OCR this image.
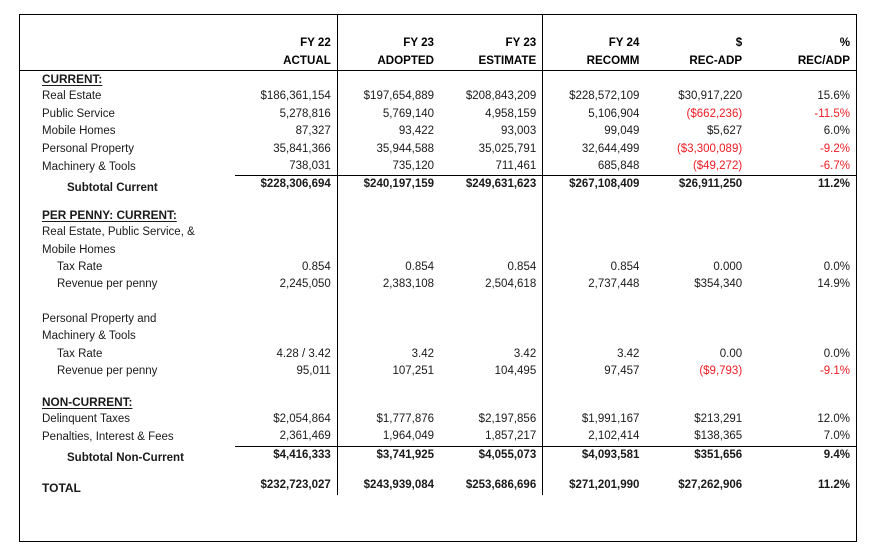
	FY 22	FY 23	FY 23	FY 24	$	%
	ACTUAL	ADOPTED	ESTIMATE	RECOMM	REC-ADP	REC/ADP

CURRENT:						
Real Estate	$186,361,154	$197,654,889	$208,843,209	$228,572,109	$30,917,220	15.6%
Public Service	5,278,816	5,769,140	4,958,159	5,106,904	($662,236)	-11.5%
Mobile Homes	87,327	93,422	93,003	99,049	$5,627	6.0%
Personal Property	35,841,366	35,944,588	35,025,791	32,644,499	($3,300,089)	-9.2%
Machinery & Tools	738,031	735,120	711,461	685,848	($49,272)	-6.7%
Subtotal Current	$228,306,694	$240,197,159	$249,631,623	$267,108,409	$26,911,250	11.2%

PER PENNY: CURRENT:						
Real Estate, Public Service, &						
Mobile Homes						
Tax Rate	0.854	0.854	0.854	0.854	0.000	0.0%
Revenue per penny	2,245,050	2,383,108	2,504,618	2,737,448	$354,340	14.9%

Personal Property and						
Machinery & Tools						
Tax Rate	4.28 / 3.42	3.42	3.42	3.42	0.00	0.0%
Revenue per penny	95,011	107,251	104,495	97,457	($9,793)	-9.1%

NON-CURRENT:						
Delinquent Taxes	$2,054,864	$1,777,876	$2,197,856	$1,991,167	$213,291	12.0%
Penalties, Interest & Fees	2,361,469	1,964,049	1,857,217	2,102,414	$138,365	7.0%
Subtotal Non-Current	$4,416,333	$3,741,925	$4,055,073	$4,093,581	$351,656	9.4%

TOTAL	$232,723,027	$243,939,084	$253,686,696	$271,201,990	$27,262,906	11.2%
